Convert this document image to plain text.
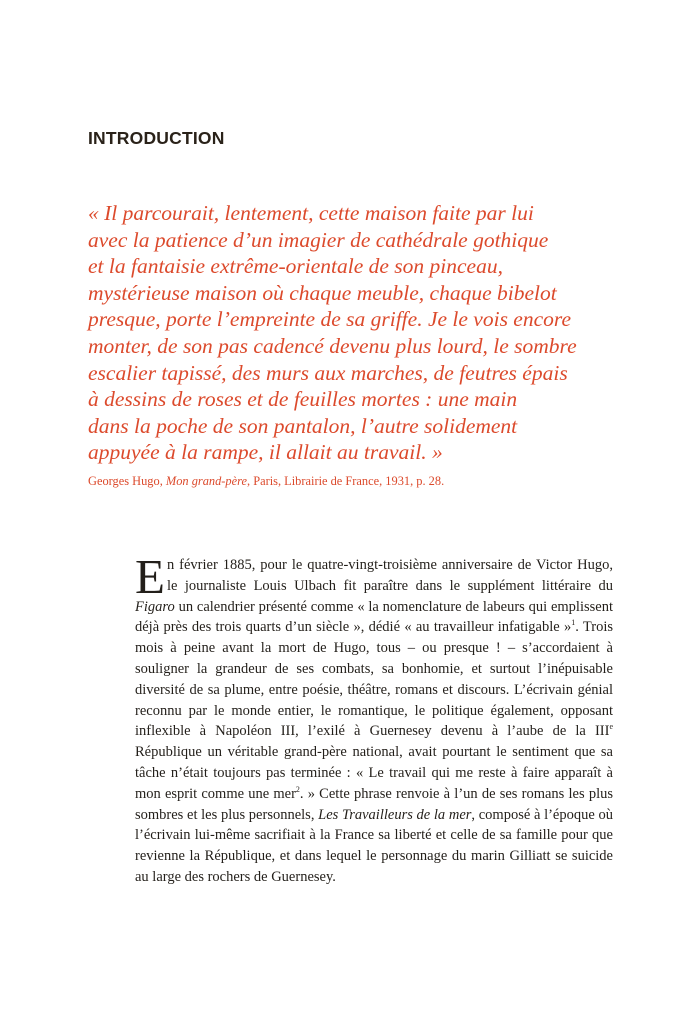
INTRODUCTION

« Il parcourait, lentement, cette maison faite par lui
avec la patience d’un imagier de cathédrale gothique
et la fantaisie extrême-orientale de son pinceau,
mystérieuse maison où chaque meuble, chaque bibelot
presque, porte l’empreinte de sa griffe. Je le vois encore
monter, de son pas cadencé devenu plus lourd, le sombre
escalier tapissé, des murs aux marches, de feutres épais
à dessins de roses et de feuilles mortes : une main
dans la poche de son pantalon, l’autre solidement
appuyée à la rampe, il allait au travail. »

Georges Hugo, Mon grand-père, Paris, Librairie de France, 1931, p. 28.

En février 1885, pour le quatre-vingt-troisième anniversaire de Victor Hugo, le journaliste Louis Ulbach fit paraître dans le supplément littéraire du Figaro un calendrier présenté comme « la nomenclature de labeurs qui emplissent déjà près des trois quarts d’un siècle », dédié « au travailleur infatigable »$^1$. Trois mois à peine avant la mort de Hugo, tous – ou presque ! – s’accordaient à souligner la grandeur de ses combats, sa bonhomie, et surtout l’inépuisable diversité de sa plume, entre poésie, théâtre, romans et discours. L’écrivain génial reconnu par le monde entier, le romantique, le politique également, opposant inflexible à Napoléon III, l’exilé à Guernesey devenu à l’aube de la IIIe République un véritable grand-père national, avait pourtant le sentiment que sa tâche n’était toujours pas terminée : « Le travail qui me reste à faire apparaît à mon esprit comme une mer$^2$. » Cette phrase renvoie à l’un de ses romans les plus sombres et les plus personnels, Les Travailleurs de la mer, composé à l’époque où l’écrivain lui-même sacrifiait à la France sa liberté et celle de sa famille pour que revienne la République, et dans lequel le personnage du marin Gilliatt se suicide au large des rochers de Guernesey.
